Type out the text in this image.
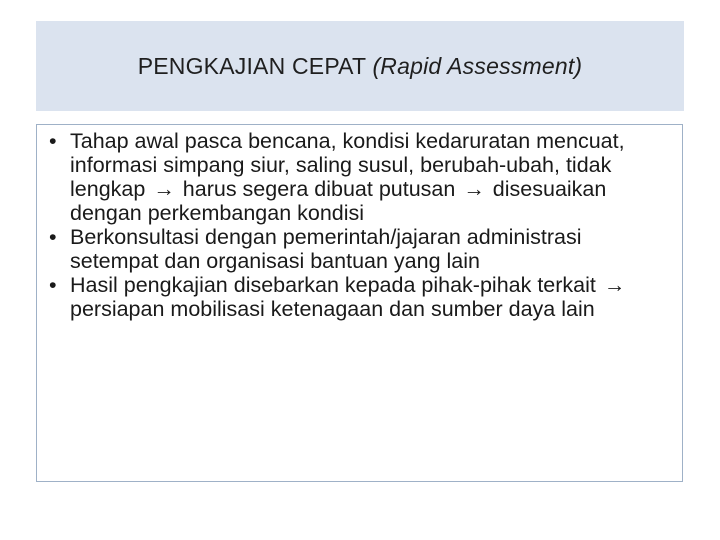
PENGKAJIAN CEPAT (Rapid Assessment)
• Tahap awal pasca bencana, kondisi kedaruratan mencuat, informasi simpang siur, saling susul, berubah-ubah, tidak lengkap → harus segera dibuat putusan → disesuaikan dengan perkembangan kondisi
• Berkonsultasi dengan pemerintah/jajaran administrasi setempat dan organisasi bantuan yang lain
• Hasil pengkajian disebarkan kepada pihak-pihak terkait → persiapan mobilisasi ketenagaan dan sumber daya lain
